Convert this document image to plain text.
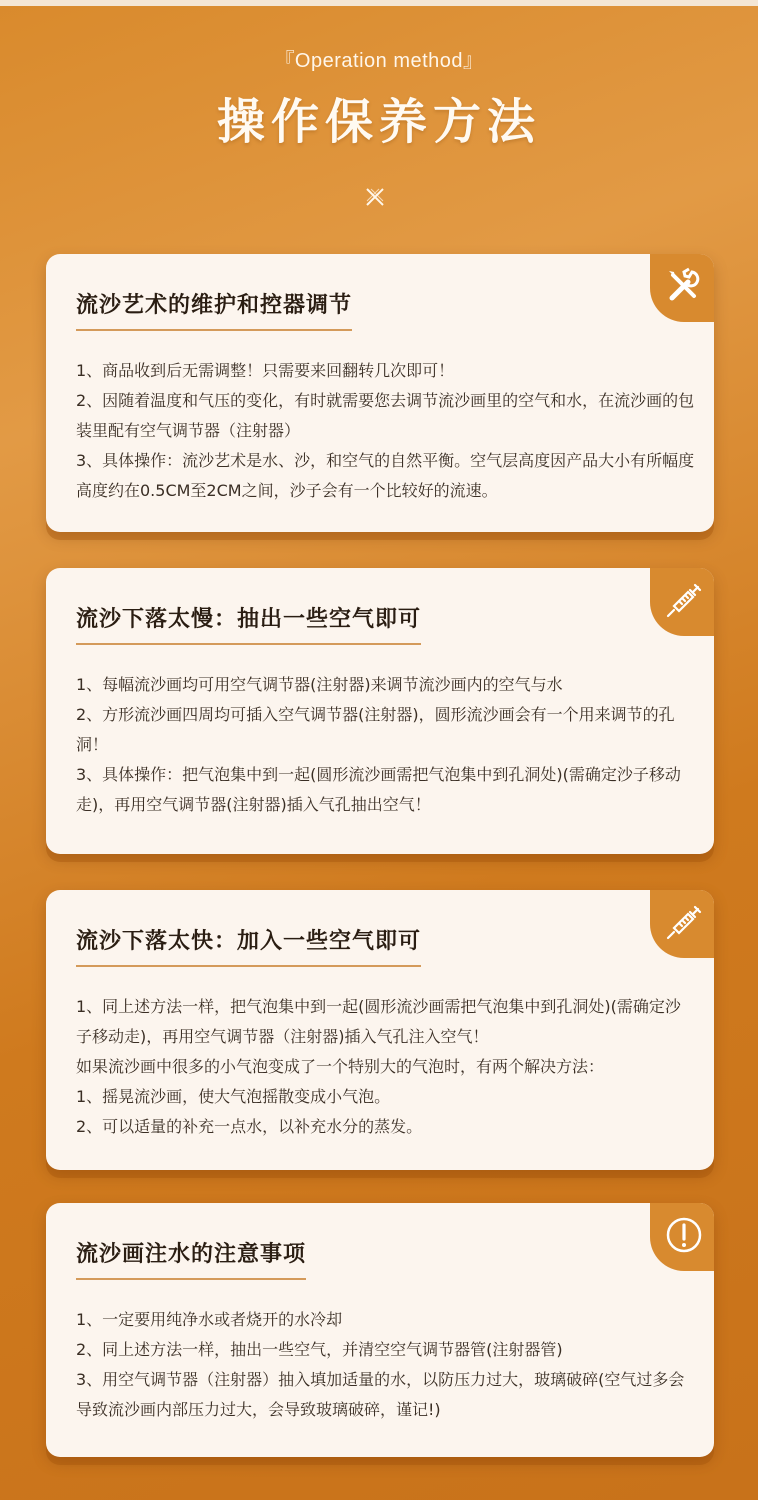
『Operation method』
操作保养方法
流沙艺术的维护和控器调节

1、商品收到后无需调整！只需要来回翻转几次即可！

2、因随着温度和气压的变化，有时就需要您去调节流沙画里的空气和水，在流沙画的包装里配有空气调节器（注射器）

3、具体操作：流沙艺术是水、沙，和空气的自然平衡。空气层高度因产品大小有所幅度高度约在0.5CM至2CM之间，沙子会有一个比较好的流速。

流沙下落太慢：抽出一些空气即可

1、每幅流沙画均可用空气调节器(注射器)来调节流沙画内的空气与水

2、方形流沙画四周均可插入空气调节器(注射器)，圆形流沙画会有一个用来调节的孔洞！

3、具体操作：把气泡集中到一起(圆形流沙画需把气泡集中到孔洞处)(需确定沙子移动走)，再用空气调节器(注射器)插入气孔抽出空气！

流沙下落太快：加入一些空气即可

1、同上述方法一样，把气泡集中到一起(圆形流沙画需把气泡集中到孔洞处)(需确定沙子移动走)，再用空气调节器（注射器)插入气孔注入空气！

如果流沙画中很多的小气泡变成了一个特别大的气泡时，有两个解决方法：

1、摇晃流沙画，使大气泡摇散变成小气泡。

2、可以适量的补充一点水，以补充水分的蒸发。

流沙画注水的注意事项

1、一定要用纯净水或者烧开的水冷却

2、同上述方法一样，抽出一些空气，并清空空气调节器管(注射器管)

3、用空气调节器（注射器）抽入填加适量的水，以防压力过大，玻璃破碎(空气过多会导致流沙画内部压力过大，会导致玻璃破碎，谨记!)
